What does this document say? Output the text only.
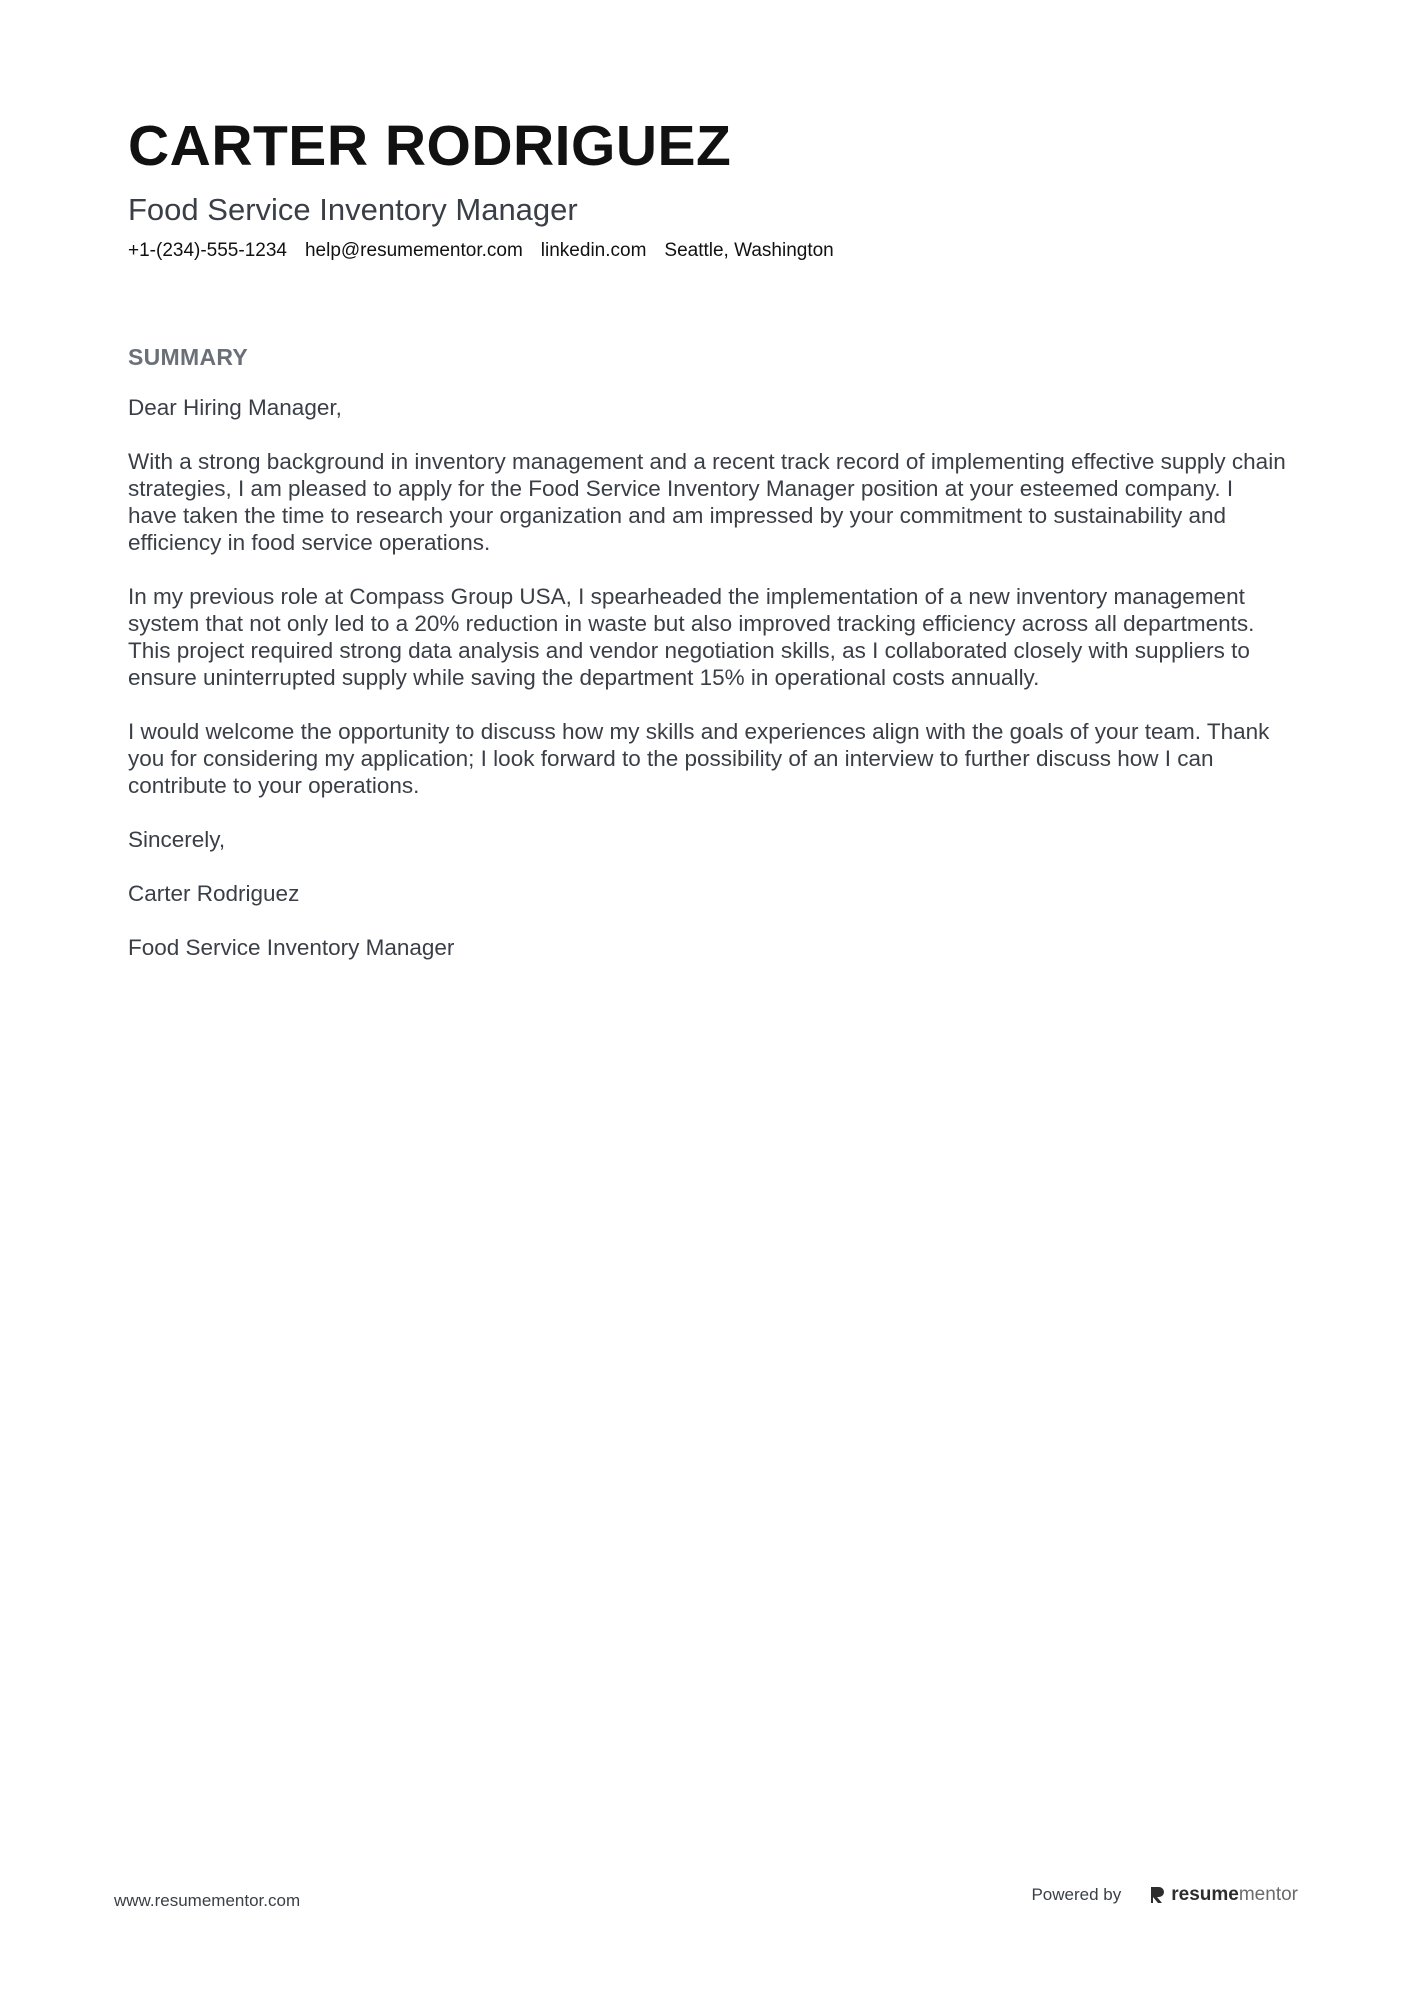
CARTER RODRIGUEZ
Food Service Inventory Manager
+1-(234)-555-1234 help@resumementor.com linkedin.com Seattle, Washington
SUMMARY

Dear Hiring Manager,

With a strong background in inventory management and a recent track record of implementing effective supply chain strategies, I am pleased to apply for the Food Service Inventory Manager position at your esteemed company. I have taken the time to research your organization and am impressed by your commitment to sustainability and efficiency in food service operations.

In my previous role at Compass Group USA, I spearheaded the implementation of a new inventory management system that not only led to a 20% reduction in waste but also improved tracking efficiency across all departments. This project required strong data analysis and vendor negotiation skills, as I collaborated closely with suppliers to ensure uninterrupted supply while saving the department 15% in operational costs annually.

I would welcome the opportunity to discuss how my skills and experiences align with the goals of your team. Thank you for considering my application; I look forward to the possibility of an interview to further discuss how I can contribute to your operations.

Sincerely,

Carter Rodriguez

Food Service Inventory Manager

www.resumementor.com	Powered by	resumementor
